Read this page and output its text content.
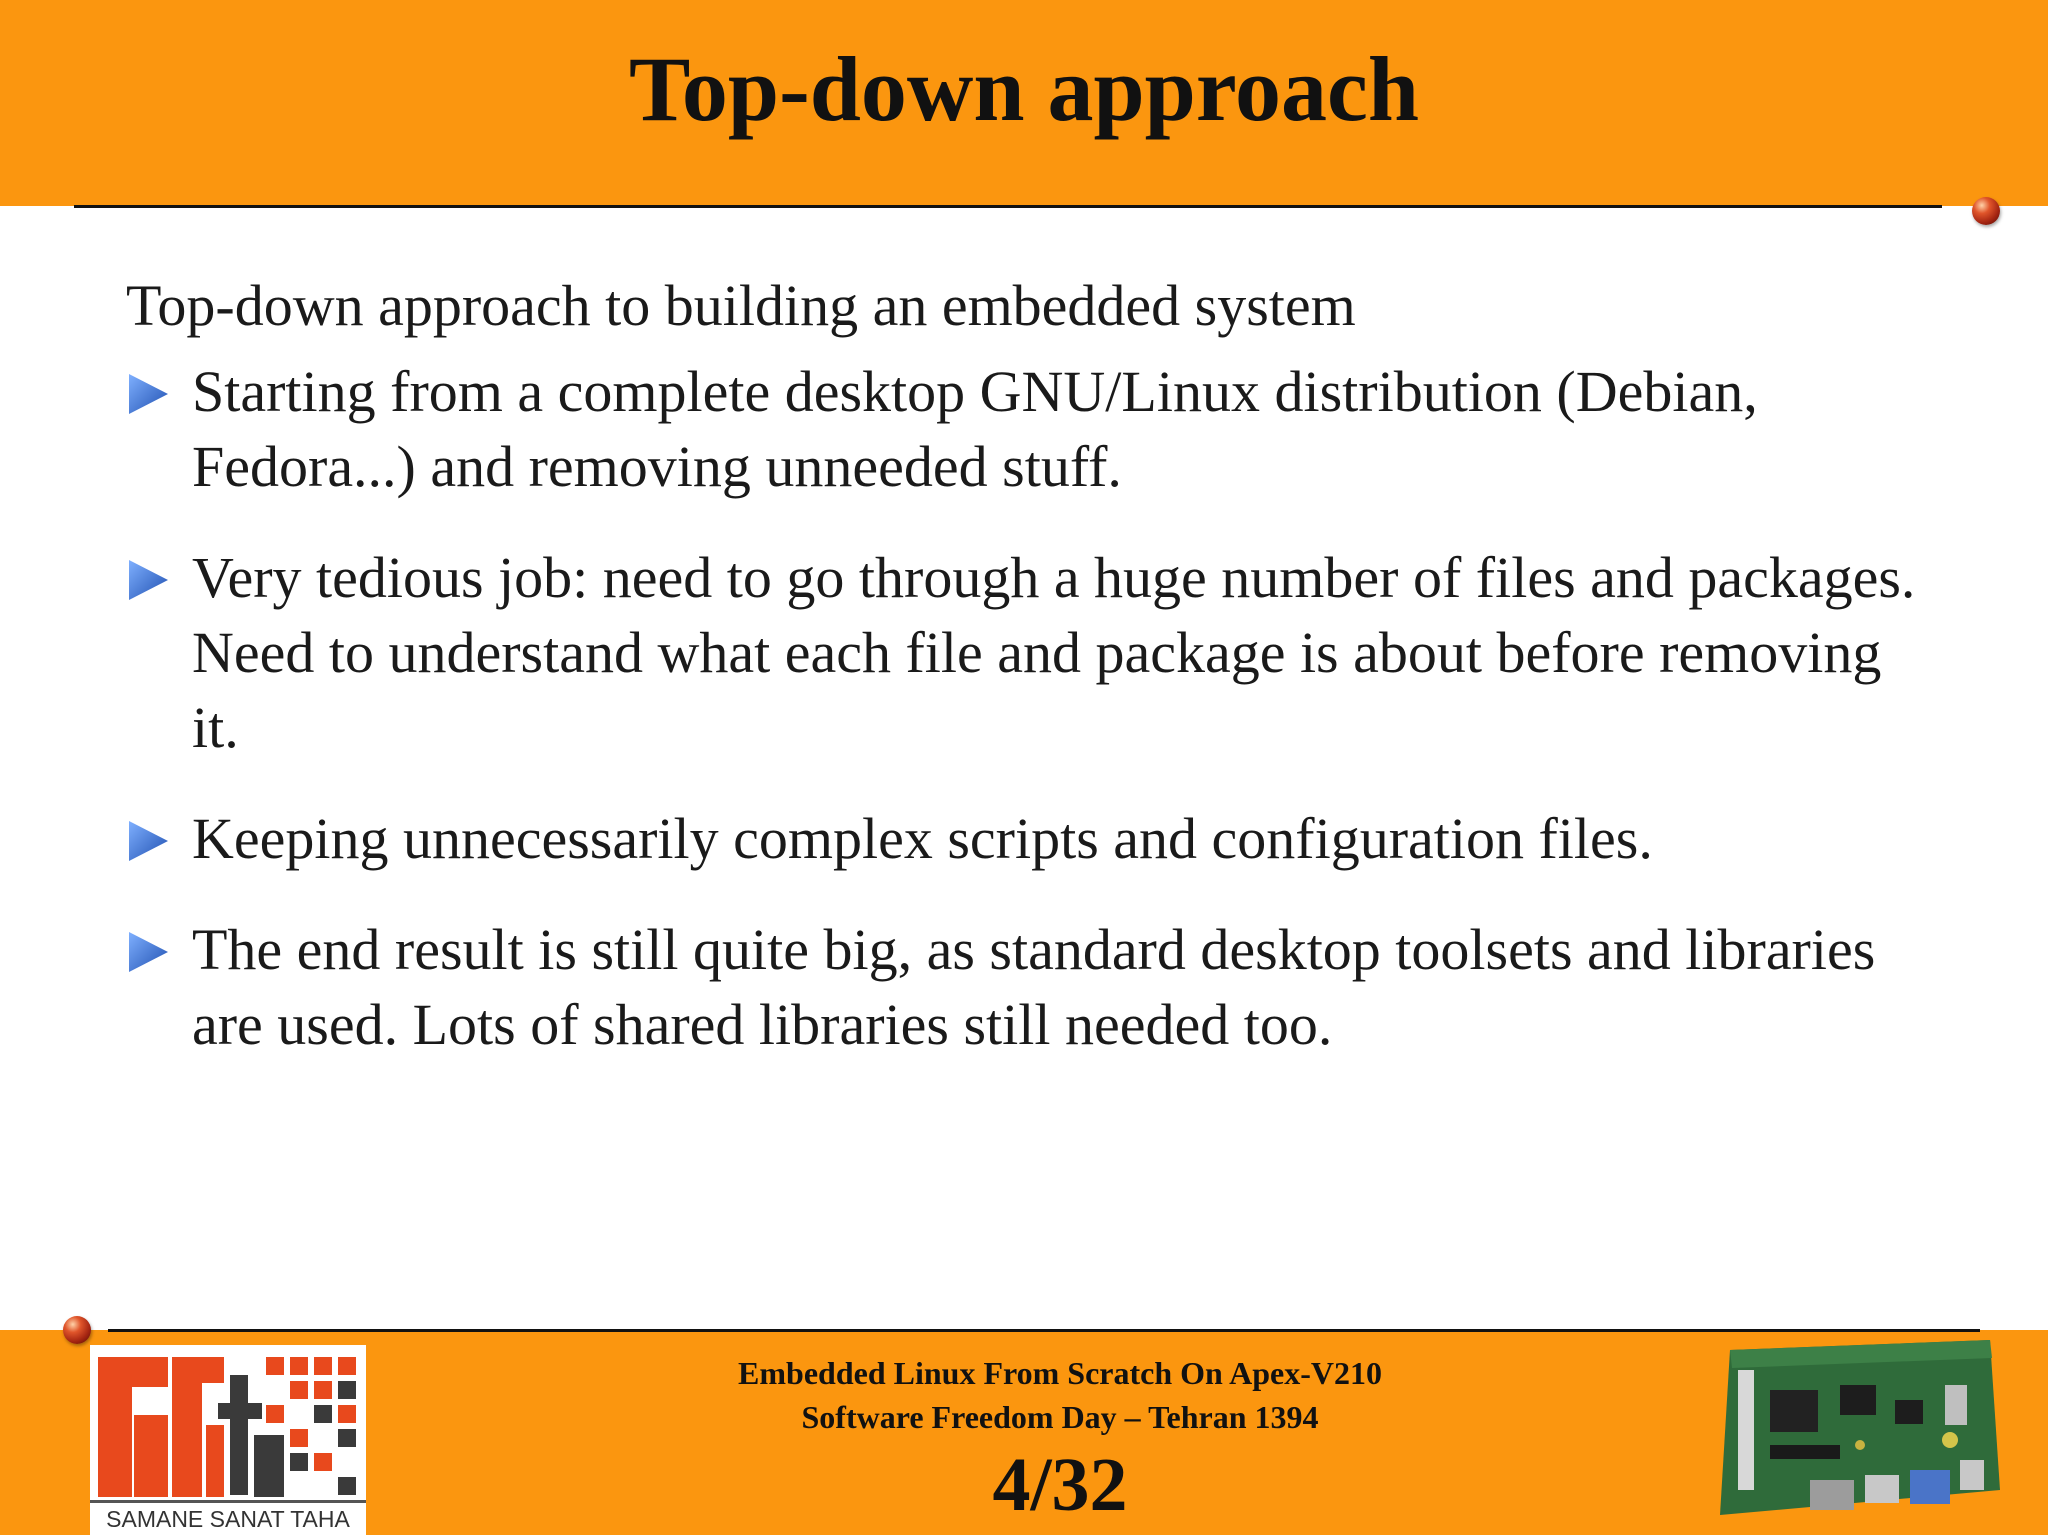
Top-down approach

Top-down approach to building an embedded system

Starting from a complete desktop GNU/Linux distribution (Debian, Fedora...) and removing unneeded stuff.
Very tedious job: need to go through a huge number of files and packages. Need to understand what each file and package is about before removing it.
Keeping unnecessarily complex scripts and configuration files.
The end result is still quite big, as standard desktop toolsets and libraries are used. Lots of shared libraries still needed too.
SAMANE SANAT TAHA
Embedded Linux From Scratch On Apex-V210
Software Freedom Day – Tehran 1394
4/32
